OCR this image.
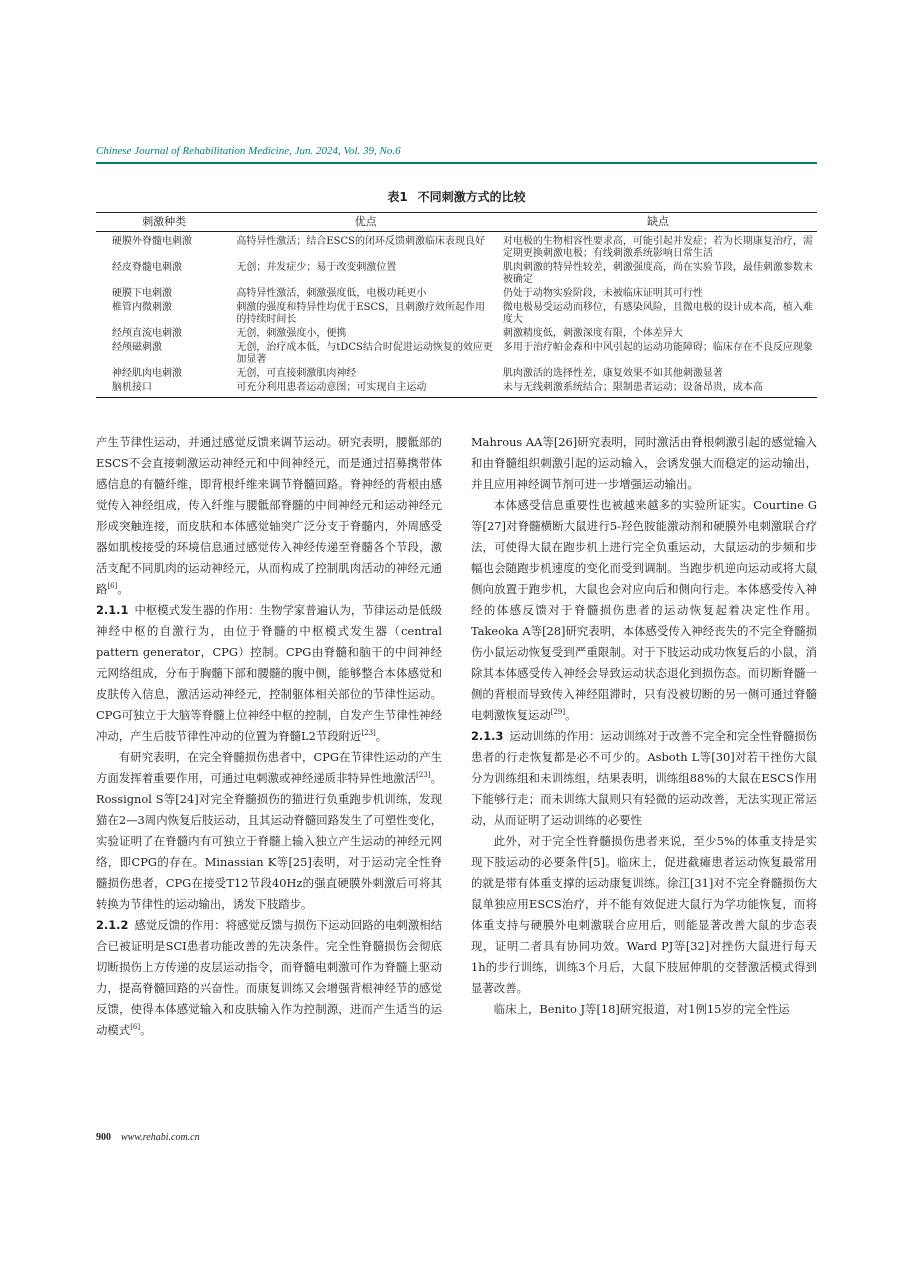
Chinese Journal of Rehabilitation Medicine, Jun. 2024, Vol. 39, No.6
表1 不同刺激方式的比较
刺激种类	优点	缺点
硬膜外脊髓电刺激	高特异性激活；结合ESCS的闭环反馈刺激临床表现良好	对电极的生物相容性要求高，可能引起并发症；若为长期康复治疗，需定期更换刺激电极；有线刺激系统影响日常生活
经皮脊髓电刺激	无创；并发症少；易于改变刺激位置	肌肉刺激的特异性较差，刺激强度高，尚在实验节段，最佳刺激参数未被确定
硬膜下电刺激	高特异性激活，刺激强度低，电极功耗更小	仍处于动物实验阶段，未被临床证明其可行性
椎管内微刺激	刺激的强度和特异性均优于ESCS，且刺激疗效所起作用的持续时间长	微电极易受运动而移位，有感染风险，且微电极的设计成本高，植入难度大
经颅直流电刺激	无创，刺激强度小，便携	刺激精度低，刺激深度有限，个体差异大
经颅磁刺激	无创，治疗成本低，与tDCS结合时促进运动恢复的效应更加显著	多用于治疗帕金森和中风引起的运动功能障碍；临床存在不良反应现象
神经肌肉电刺激	无创，可直接刺激肌肉神经	肌肉激活的选择性差，康复效果不如其他刺激显著
脑机接口	可充分利用患者运动意图；可实现自主运动	未与无线刺激系统结合；限制患者运动；设备昂贵，成本高

产生节律性运动，并通过感觉反馈来调节运动。研究表明，腰骶部的ESCS不会直接刺激运动神经元和中间神经元，而是通过招募携带体感信息的有髓纤维，即背根纤维来调节脊髓回路。脊神经的背根由感觉传入神经组成，传入纤维与腰骶部脊髓的中间神经元和运动神经元形成突触连接，而皮肤和本体感觉轴突广泛分支于脊髓内，外周感受器如肌梭接受的环境信息通过感觉传入神经传递至脊髓各个节段，激活支配不同肌肉的运动神经元，从而构成了控制肌肉活动的神经元通路[6]。

2.1.1 中枢模式发生器的作用：生物学家普遍认为，节律运动是低级神经中枢的自激行为，由位于脊髓的中枢模式发生器（central pattern generator，CPG）控制。CPG由脊髓和脑干的中间神经元网络组成，分布于胸髓下部和腰髓的腹中侧，能够整合本体感觉和皮肤传入信息，激活运动神经元，控制躯体相关部位的节律性运动。CPG可独立于大脑等脊髓上位神经中枢的控制，自发产生节律性神经冲动，产生后肢节律性冲动的位置为脊髓L2节段附近[23]。

有研究表明，在完全脊髓损伤患者中，CPG在节律性运动的产生方面发挥着重要作用，可通过电刺激或神经递质非特异性地激活[23]。Rossignol S等[24]对完全脊髓损伤的猫进行负重跑步机训练，发现猫在2—3周内恢复后肢运动，且其运动脊髓回路发生了可塑性变化，实验证明了在脊髓内有可独立于脊髓上输入独立产生运动的神经元网络，即CPG的存在。Minassian K等[25]表明，对于运动完全性脊髓损伤患者，CPG在接受T12节段40Hz的强直硬膜外刺激后可将其转换为节律性的运动输出，诱发下肢踏步。

2.1.2 感觉反馈的作用：将感觉反馈与损伤下运动回路的电刺激相结合已被证明是SCI患者功能改善的先决条件。完全性脊髓损伤会彻底切断损伤上方传递的皮层运动指令，而脊髓电刺激可作为脊髓上驱动力，提高脊髓回路的兴奋性。而康复训练又会增强背根神经节的感觉反馈，使得本体感觉输入和皮肤输入作为控制源，进而产生适当的运动模式[6]。

Mahrous AA等[26]研究表明，同时激活由脊根刺激引起的感觉输入和由脊髓组织刺激引起的运动输入，会诱发强大而稳定的运动输出，并且应用神经调节剂可进一步增强运动输出。

本体感受信息重要性也被越来越多的实验所证实。Courtine G等[27]对脊髓横断大鼠进行5-羟色胺能激动剂和硬膜外电刺激联合疗法，可使得大鼠在跑步机上进行完全负重运动，大鼠运动的步频和步幅也会随跑步机速度的变化而受到调制。当跑步机逆向运动或将大鼠侧向放置于跑步机，大鼠也会对应向后和侧向行走。本体感受传入神经的体感反馈对于脊髓损伤患者的运动恢复起着决定性作用。Takeoka A等[28]研究表明，本体感受传入神经丧失的不完全脊髓损伤小鼠运动恢复受到严重限制。对于下肢运动成功恢复后的小鼠，消除其本体感受传入神经会导致运动状态退化到损伤态。而切断脊髓一侧的背根而导致传入神经阻滞时，只有没被切断的另一侧可通过脊髓电刺激恢复运动[29]。

2.1.3 运动训练的作用：运动训练对于改善不完全和完全性脊髓损伤患者的行走恢复都是必不可少的。Asboth L等[30]对若干挫伤大鼠分为训练组和未训练组，结果表明，训练组88%的大鼠在ESCS作用下能够行走；而未训练大鼠则只有轻微的运动改善，无法实现正常运动，从而证明了运动训练的必要性

此外，对于完全性脊髓损伤患者来说，至少5%的体重支持是实现下肢运动的必要条件[5]。临床上，促进截瘫患者运动恢复最常用的就是带有体重支撑的运动康复训练。徐江[31]对不完全脊髓损伤大鼠单独应用ESCS治疗，并不能有效促进大鼠行为学功能恢复，而将体重支持与硬膜外电刺激联合应用后，则能显著改善大鼠的步态表现，证明二者具有协同功效。Ward PJ等[32]对挫伤大鼠进行每天1h的步行训练，训练3个月后，大鼠下肢屈伸肌的交替激活模式得到显著改善。

临床上，Benito J等[18]研究报道，对1例15岁的完全性运

900 www.rehabi.com.cn
